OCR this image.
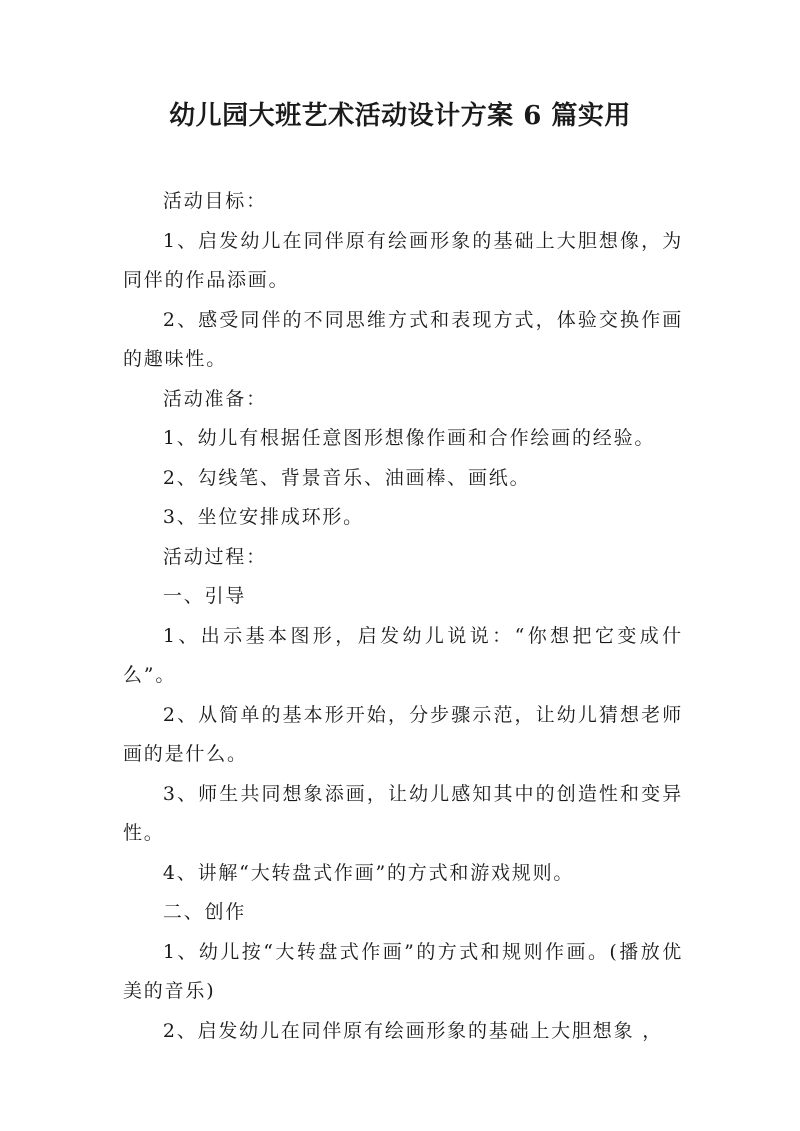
幼儿园大班艺术活动设计方案 6 篇实用

活动目标：

1、启发幼儿在同伴原有绘画形象的基础上大胆想像，为同伴的作品添画。

2、感受同伴的不同思维方式和表现方式，体验交换作画的趣味性。

活动准备：

1、幼儿有根据任意图形想像作画和合作绘画的经验。

2、勾线笔、背景音乐、油画棒、画纸。

3、坐位安排成环形。

活动过程：

一、引导

1、出示基本图形，启发幼儿说说：“你想把它变成什么”。

2、从简单的基本形开始，分步骤示范，让幼儿猜想老师画的是什么。

3、师生共同想象添画，让幼儿感知其中的创造性和变异性。

4、讲解“大转盘式作画”的方式和游戏规则。

二、创作

1、幼儿按“大转盘式作画”的方式和规则作画。(播放优美的音乐)

2、启发幼儿在同伴原有绘画形象的基础上大胆想象 ，
